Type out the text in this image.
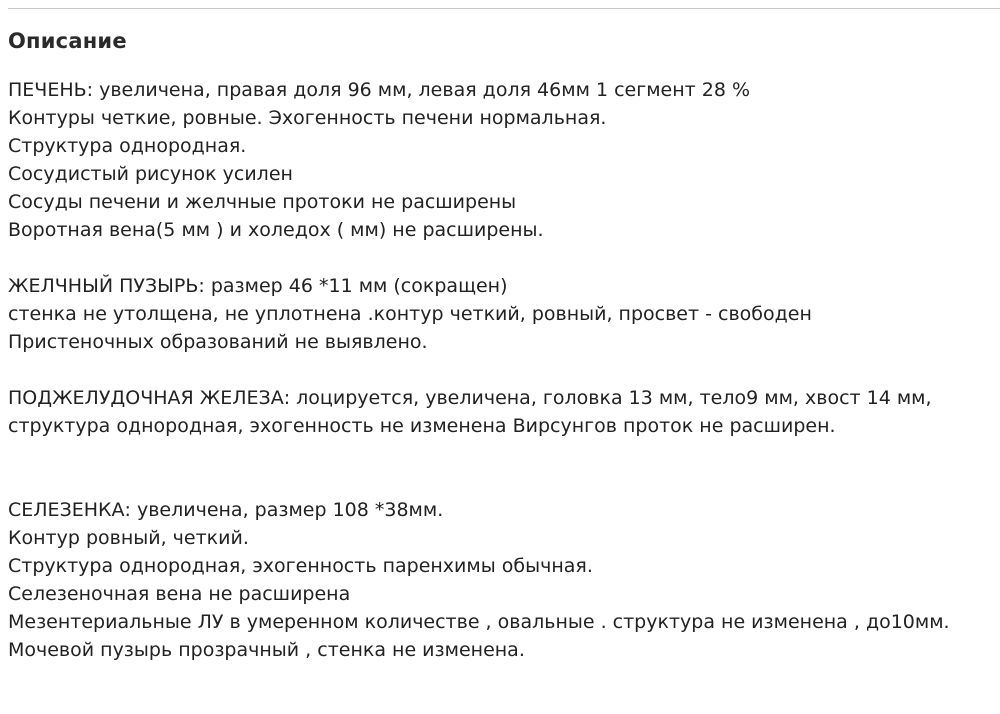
Описание

ПЕЧЕНЬ: увеличена, правая доля 96 мм, левая доля 46мм 1 сегмент 28 %

Контуры четкие, ровные. Эхогенность печени нормальная.

Структура однородная.

Сосудистый рисунок усилен

Сосуды печени и желчные протоки не расширены

Воротная вена(5 мм ) и холедох ( мм) не расширены.

ЖЕЛЧНЫЙ ПУЗЫРЬ: размер 46 *11 мм (сокращен)

стенка не утолщена, не уплотнена .контур четкий, ровный, просвет - свободен

Пристеночных образований не выявлено.

ПОДЖЕЛУДОЧНАЯ ЖЕЛЕЗА: лоцируется, увеличена, головка 13 мм, тело9 мм, хвост 14 мм, структура однородная, эхогенность не изменена Вирсунгов проток не расширен.

СЕЛЕЗЕНКА: увеличена, размер 108 *38мм.

Контур ровный, четкий.

Структура однородная, эхогенность паренхимы обычная.

Селезеночная вена не расширена

Мезентериальные ЛУ в умеренном количестве , овальные . структура не изменена , до10мм.

Мочевой пузырь прозрачный , стенка не изменена.
